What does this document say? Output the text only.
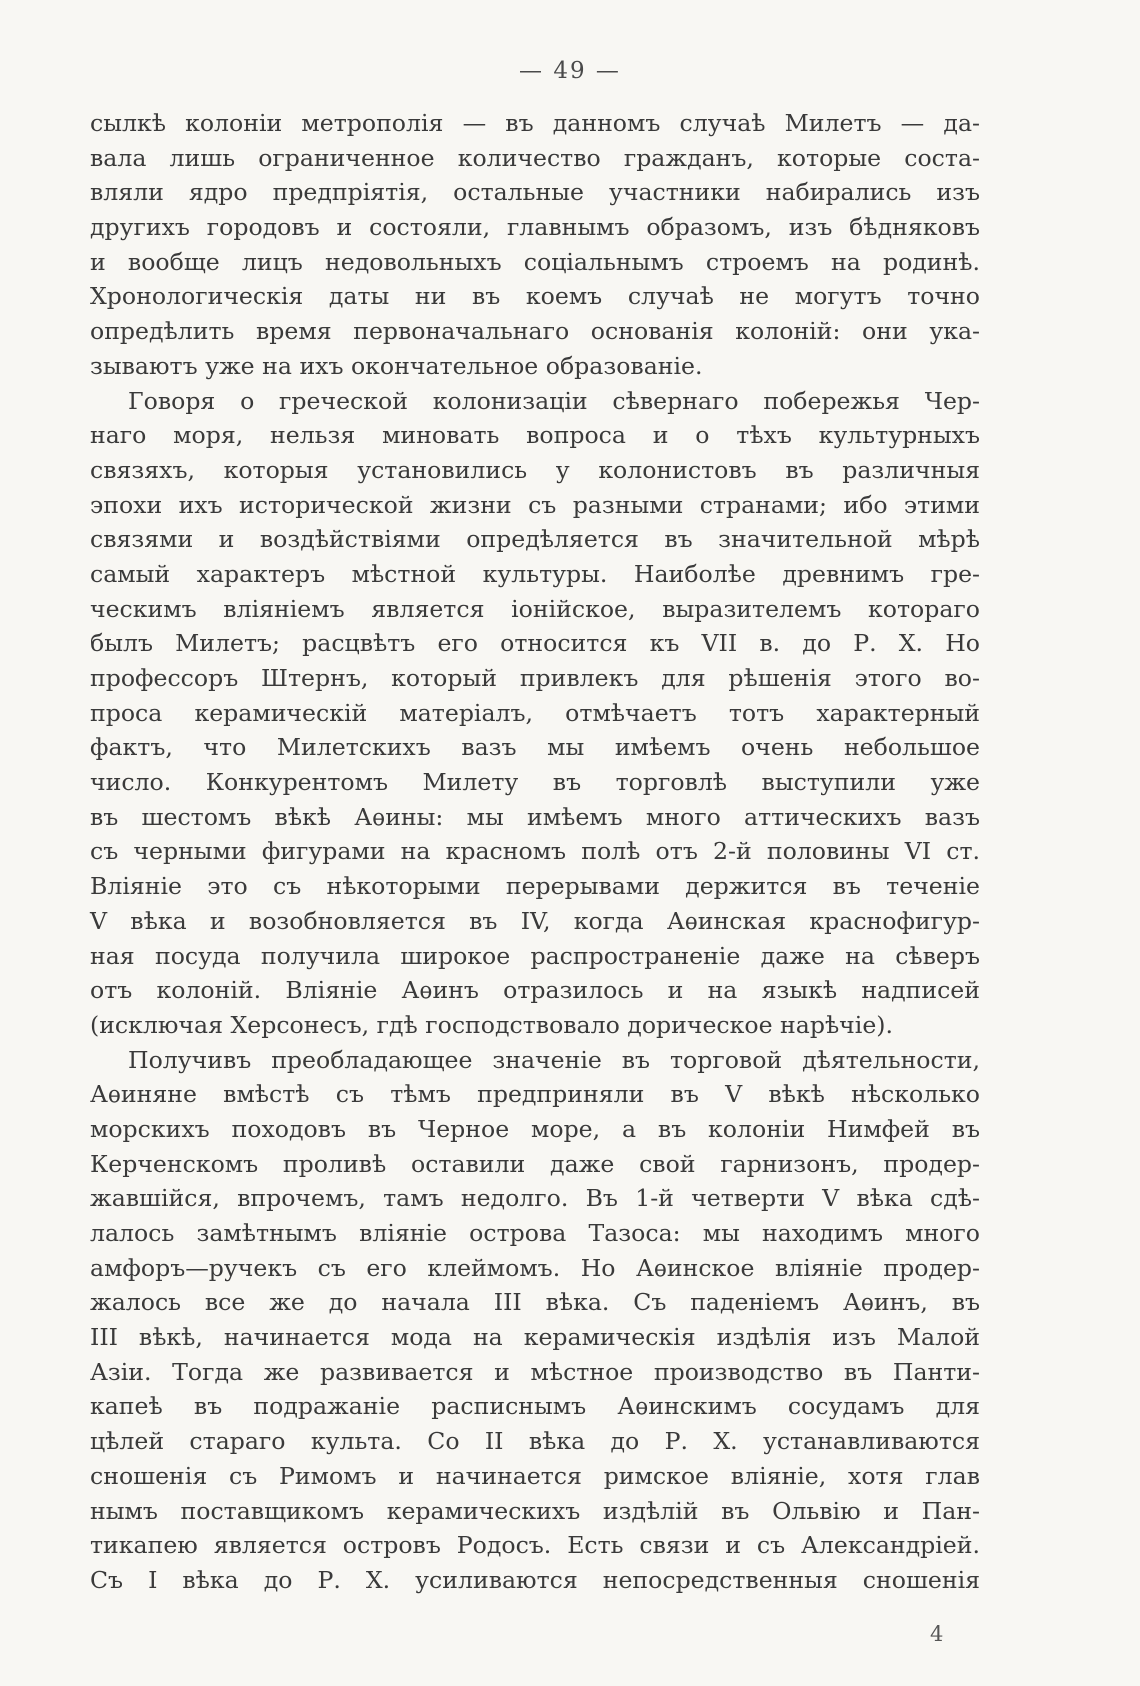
— 49 —
сылкѣ колоніи метрополія — въ данномъ случаѣ Милетъ — да-
вала лишь ограниченное количество гражданъ, которые соста-
вляли ядро предпріятія, остальные участники набирались изъ
другихъ городовъ и состояли, главнымъ образомъ, изъ бѣдняковъ
и вообще лицъ недовольныхъ соціальнымъ строемъ на родинѣ.
Хронологическія даты ни въ коемъ случаѣ не могутъ точно
опредѣлить время первоначальнаго основанія колоній: они ука-
зываютъ уже на ихъ окончательное образованіе.
Говоря о греческой колонизаціи сѣвернаго побережья Чер-
наго моря, нельзя миновать вопроса и о тѣхъ культурныхъ
связяхъ, которыя установились у колонистовъ въ различныя
эпохи ихъ исторической жизни съ разными странами; ибо этими
связями и воздѣйствіями опредѣляется въ значительной мѣрѣ
самый характеръ мѣстной культуры. Наиболѣе древнимъ гре-
ческимъ вліяніемъ является іонійское, выразителемъ котораго
былъ Милетъ; расцвѣтъ его относится къ VII в. до Р. Х. Но
профессоръ Штернъ, который привлекъ для рѣшенія этого во-
проса керамическій матеріалъ, отмѣчаетъ тотъ характерный
фактъ, что Милетскихъ вазъ мы имѣемъ очень небольшое
число. Конкурентомъ Милету въ торговлѣ выступили уже
въ шестомъ вѣкѣ Аѳины: мы имѣемъ много аттическихъ вазъ
съ черными фигурами на красномъ полѣ отъ 2-й половины VI ст.
Вліяніе это съ нѣкоторыми перерывами держится въ теченіе
V вѣка и возобновляется въ IV, когда Аѳинская краснофигур-
ная посуда получила широкое распространеніе даже на сѣверъ
отъ колоній. Вліяніе Аѳинъ отразилось и на языкѣ надписей
(исключая Херсонесъ, гдѣ господствовало дорическое нарѣчіе).
Получивъ преобладающее значеніе въ торговой дѣятельности,
Аѳиняне вмѣстѣ съ тѣмъ предприняли въ V вѣкѣ нѣсколько
морскихъ походовъ въ Черное море, а въ колоніи Нимфей въ
Керченскомъ проливѣ оставили даже свой гарнизонъ, продер-
жавшійся, впрочемъ, тамъ недолго. Въ 1-й четверти V вѣка сдѣ-
лалось замѣтнымъ вліяніе острова Тазоса: мы находимъ много
амфоръ—ручекъ съ его клеймомъ. Но Аѳинское вліяніе продер-
жалось все же до начала III вѣка. Съ паденіемъ Аѳинъ, въ
III вѣкѣ, начинается мода на керамическія издѣлія изъ Малой
Азіи. Тогда же развивается и мѣстное производство въ Панти-
капеѣ въ подражаніе расписнымъ Аѳинскимъ сосудамъ для
цѣлей стараго культа. Со II вѣка до Р. Х. устанавливаются
сношенія съ Римомъ и начинается римское вліяніе, хотя глав
нымъ поставщикомъ керамическихъ издѣлій въ Ольвію и Пан-
тикапею является островъ Родосъ. Есть связи и съ Александріей.
Съ I вѣка до Р. Х. усиливаются непосредственныя сношенія
4
